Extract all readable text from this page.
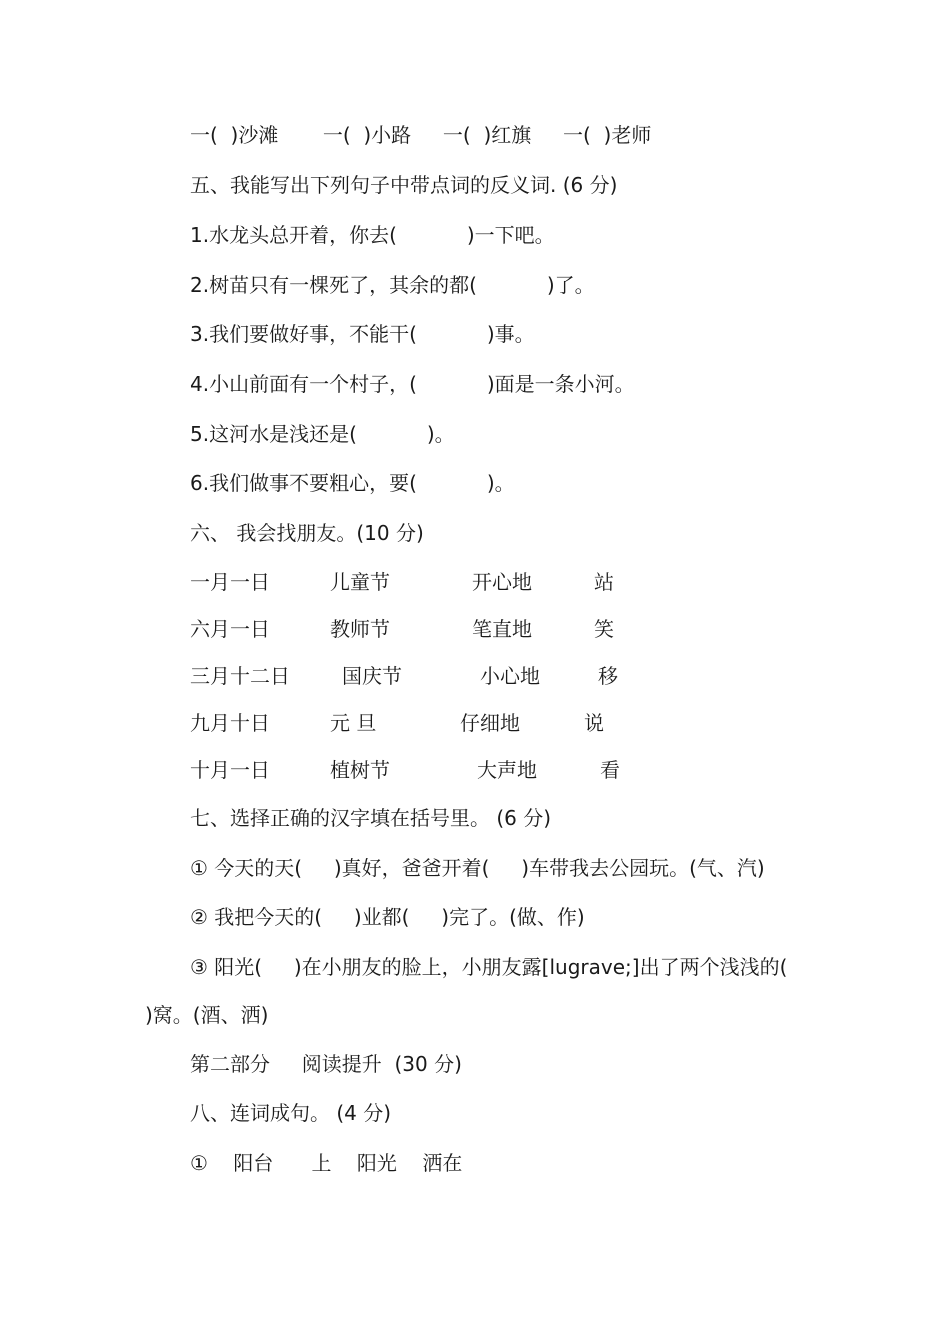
一(  )沙滩       一(  )小路     一(  )红旗     一(  )老师
五、我能写出下列句子中带点词的反义词. (6 分)
1.水龙头总开着，你去(           )一下吧。
2.树苗只有一棵死了，其余的都(           )了。
3.我们要做好事，不能干(           )事。
4.小山前面有一个村子，(           )面是一条小河。
5.这河水是浅还是(           )。
6.我们做事不要粗心，要(           )。
六、 我会找朋友。(10 分)
一月一日	儿童节	开心地	站
六月一日	教师节	笔直地	笑
三月十二日	国庆节	小心地	移
九月十日	元 旦	仔细地	说
十月一日	植树节	大声地	看
七、选择正确的汉字填在括号里。 (6 分)
① 今天的天(     )真好，爸爸开着(     )车带我去公园玩。(气、汽)
② 我把今天的(     )业都(     )完了。(做、作)
③ 阳光(     )在小朋友的脸上，小朋友露[lugrave;]出了两个浅浅的(
)窝。(酒、洒)
第二部分     阅读提升  (30 分)
八、连词成句。 (4 分)
①    阳台      上    阳光    洒在
